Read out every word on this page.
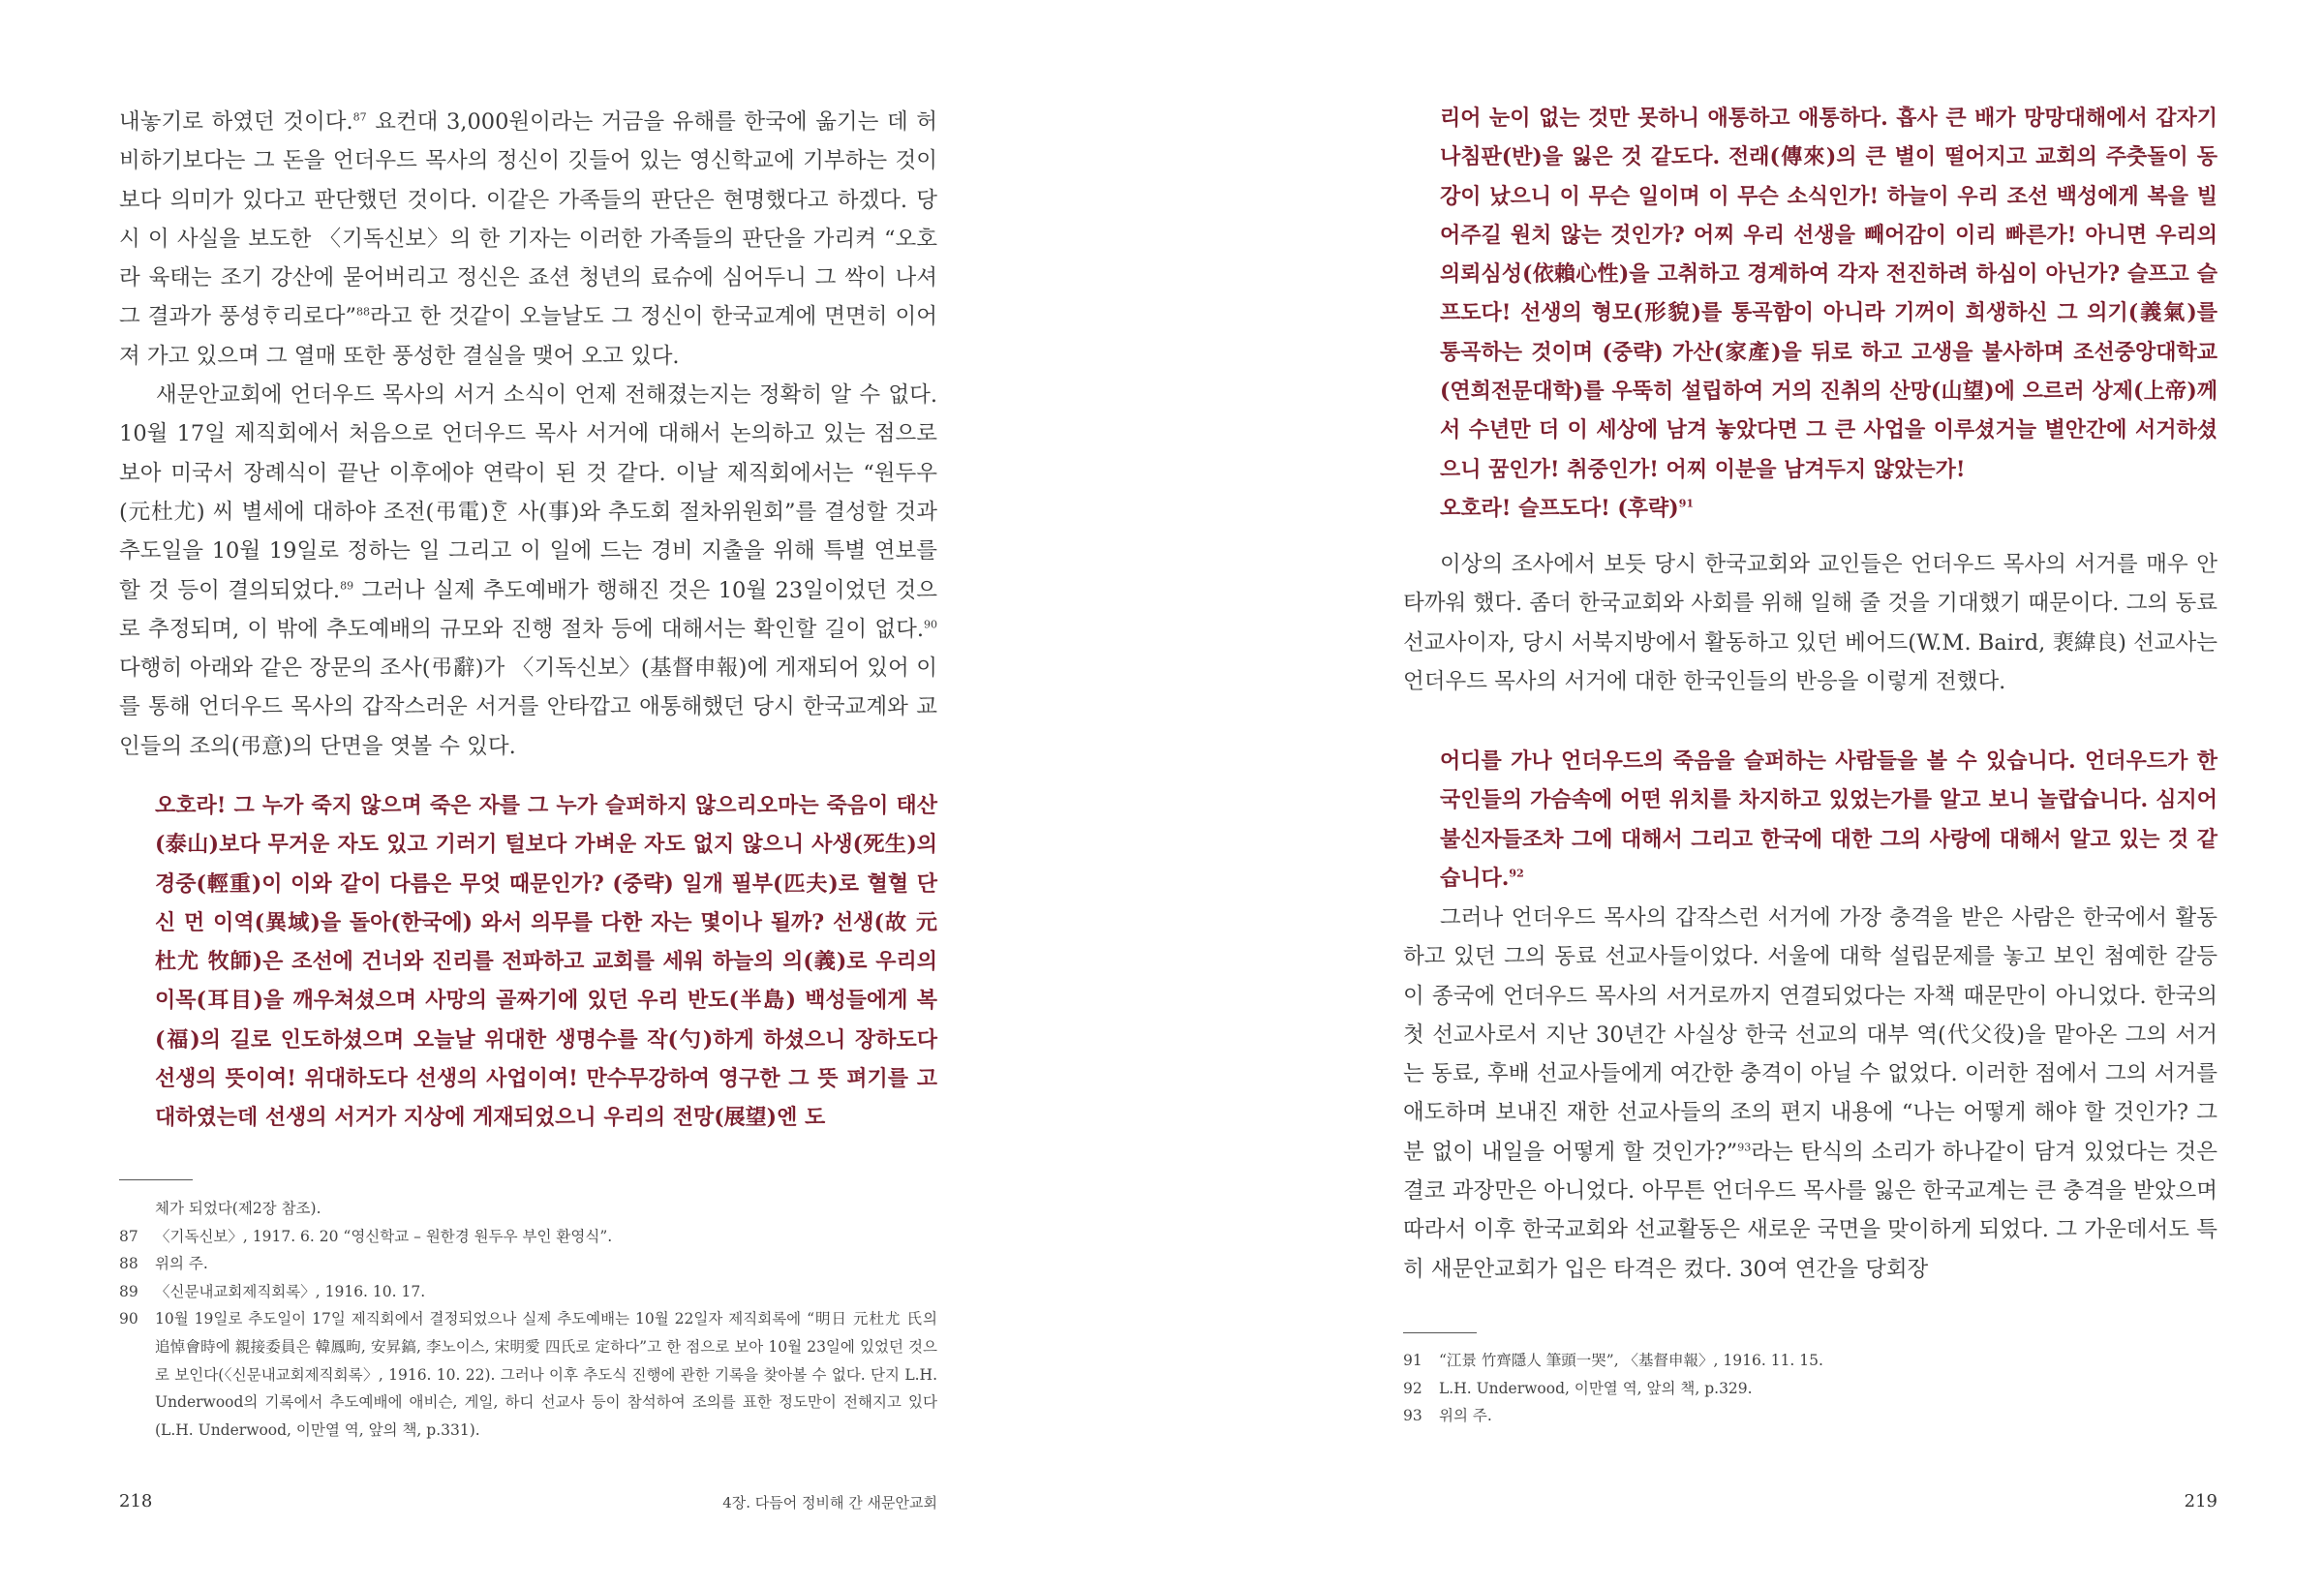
내놓기로 하였던 것이다.$^{87}$ 요컨대 3,000원이라는 거금을 유해를 한국에 옮기는 데 허비하기보다는 그 돈을 언더우드 목사의 정신이 깃들어 있는 영신학교에 기부하는 것이 보다 의미가 있다고 판단했던 것이다. 이같은 가족들의 판단은 현명했다고 하겠다. 당시 이 사실을 보도한 〈기독신보〉의 한 기자는 이러한 가족들의 판단을 가리켜 “오호라 육태는 조기 강산에 묻어버리고 정신은 죠션 청년의 료슈에 심어두니 그 싹이 나셔 그 결과가 풍셩ᄒᆞ리로다”$^{88}$라고 한 것같이 오늘날도 그 정신이 한국교계에 면면히 이어져 가고 있으며 그 열매 또한 풍성한 결실을 맺어 오고 있다.

새문안교회에 언더우드 목사의 서거 소식이 언제 전해졌는지는 정확히 알 수 없다. 10월 17일 제직회에서 처음으로 언더우드 목사 서거에 대해서 논의하고 있는 점으로 보아 미국서 장례식이 끝난 이후에야 연락이 된 것 같다. 이날 제직회에서는 “원두우(元杜尤) 씨 별세에 대하야 조전(弔電)ᄒᆞᆫ 사(事)와 추도회 절차위원회”를 결성할 것과 추도일을 10월 19일로 정하는 일 그리고 이 일에 드는 경비 지출을 위해 특별 연보를 할 것 등이 결의되었다.$^{89}$ 그러나 실제 추도예배가 행해진 것은 10월 23일이었던 것으로 추정되며, 이 밖에 추도예배의 규모와 진행 절차 등에 대해서는 확인할 길이 없다.$^{90}$ 다행히 아래와 같은 장문의 조사(弔辭)가 〈기독신보〉(基督申報)에 게재되어 있어 이를 통해 언더우드 목사의 갑작스러운 서거를 안타깝고 애통해했던 당시 한국교계와 교인들의 조의(弔意)의 단면을 엿볼 수 있다.

오호라! 그 누가 죽지 않으며 죽은 자를 그 누가 슬퍼하지 않으리오마는 죽음이 태산(泰山)보다 무거운 자도 있고 기러기 털보다 가벼운 자도 없지 않으니 사생(死生)의 경중(輕重)이 이와 같이 다름은 무엇 때문인가? (중략) 일개 필부(匹夫)로 혈혈 단신 먼 이역(異域)을 돌아(한국에) 와서 의무를 다한 자는 몇이나 될까? 선생(故 元杜尤 牧師)은 조선에 건너와 진리를 전파하고 교회를 세워 하늘의 의(義)로 우리의 이목(耳目)을 깨우쳐셨으며 사망의 골짜기에 있던 우리 반도(半島) 백성들에게 복(福)의 길로 인도하셨으며 오늘날 위대한 생명수를 작(勺)하게 하셨으니 장하도다 선생의 뜻이여! 위대하도다 선생의 사업이여! 만수무강하여 영구한 그 뜻 펴기를 고대하였는데 선생의 서거가 지상에 게재되었으니 우리의 전망(展望)엔 도

체가 되었다(제2장 참조).
87	〈기독신보〉, 1917. 6. 20 “영신학교 – 원한경 원두우 부인 환영식”.
88	위의 주.
89	〈신문내교회제직회록〉, 1916. 10. 17.
90	10월 19일로 추도일이 17일 제직회에서 결정되었으나 실제 추도예배는 10월 22일자 제직회록에 “明日 元杜尤 氏의 追悼會時에 親接委員은 韓鳳昫, 安昇鎬, 李노이스, 宋明愛 四氏로 定하다”고 한 점으로 보아 10월 23일에 있었던 것으로 보인다(〈신문내교회제직회록〉, 1916. 10. 22). 그러나 이후 추도식 진행에 관한 기록을 찾아볼 수 없다. 단지 L.H. Underwood의 기록에서 추도예배에 애비슨, 게일, 하디 선교사 등이 참석하여 조의를 표한 정도만이 전해지고 있다(L.H. Underwood, 이만열 역, 앞의 책, p.331).
218	4장. 다듬어 정비해 간 새문안교회

리어 눈이 없는 것만 못하니 애통하고 애통하다. 흡사 큰 배가 망망대해에서 갑자기 나침판(반)을 잃은 것 같도다. 전래(傳來)의 큰 별이 떨어지고 교회의 주춧돌이 동강이 났으니 이 무슨 일이며 이 무슨 소식인가! 하늘이 우리 조선 백성에게 복을 빌어주길 원치 않는 것인가? 어찌 우리 선생을 빼어감이 이리 빠른가! 아니면 우리의 의뢰심성(依賴心性)을 고취하고 경계하여 각자 전진하려 하심이 아닌가? 슬프고 슬프도다! 선생의 형모(形貌)를 통곡함이 아니라 기꺼이 희생하신 그 의기(義氣)를 통곡하는 것이며 (중략) 가산(家產)을 뒤로 하고 고생을 불사하며 조선중앙대학교(연희전문대학)를 우뚝히 설립하여 거의 진취의 산망(山望)에 으르러 상제(上帝)께서 수년만 더 이 세상에 남겨 놓았다면 그 큰 사업을 이루셨거늘 별안간에 서거하셨으니 꿈인가! 취중인가! 어찌 이분을 남겨두지 않았는가!
오호라! 슬프도다! (후략)$^{91}$

이상의 조사에서 보듯 당시 한국교회와 교인들은 언더우드 목사의 서거를 매우 안타까워 했다. 좀더 한국교회와 사회를 위해 일해 줄 것을 기대했기 때문이다. 그의 동료 선교사이자, 당시 서북지방에서 활동하고 있던 베어드(W.M. Baird, 裵緯良) 선교사는 언더우드 목사의 서거에 대한 한국인들의 반응을 이렇게 전했다.

어디를 가나 언더우드의 죽음을 슬퍼하는 사람들을 볼 수 있습니다. 언더우드가 한국인들의 가슴속에 어떤 위치를 차지하고 있었는가를 알고 보니 놀랍습니다. 심지어 불신자들조차 그에 대해서 그리고 한국에 대한 그의 사랑에 대해서 알고 있는 것 같습니다.$^{92}$

그러나 언더우드 목사의 갑작스런 서거에 가장 충격을 받은 사람은 한국에서 활동하고 있던 그의 동료 선교사들이었다. 서울에 대학 설립문제를 놓고 보인 첨예한 갈등이 종국에 언더우드 목사의 서거로까지 연결되었다는 자책 때문만이 아니었다. 한국의 첫 선교사로서 지난 30년간 사실상 한국 선교의 대부 역(代父役)을 맡아온 그의 서거는 동료, 후배 선교사들에게 여간한 충격이 아닐 수 없었다. 이러한 점에서 그의 서거를 애도하며 보내진 재한 선교사들의 조의 편지 내용에 “나는 어떻게 해야 할 것인가? 그분 없이 내일을 어떻게 할 것인가?”$^{93}$라는 탄식의 소리가 하나같이 담겨 있었다는 것은 결코 과장만은 아니었다. 아무튼 언더우드 목사를 잃은 한국교계는 큰 충격을 받았으며 따라서 이후 한국교회와 선교활동은 새로운 국면을 맞이하게 되었다. 그 가운데서도 특히 새문안교회가 입은 타격은 컸다. 30여 연간을 당회장

91	“江景 竹齊隱人 筆頭一哭”, 〈基督申報〉, 1916. 11. 15.
92	L.H. Underwood, 이만열 역, 앞의 책, p.329.
93	위의 주.
219
